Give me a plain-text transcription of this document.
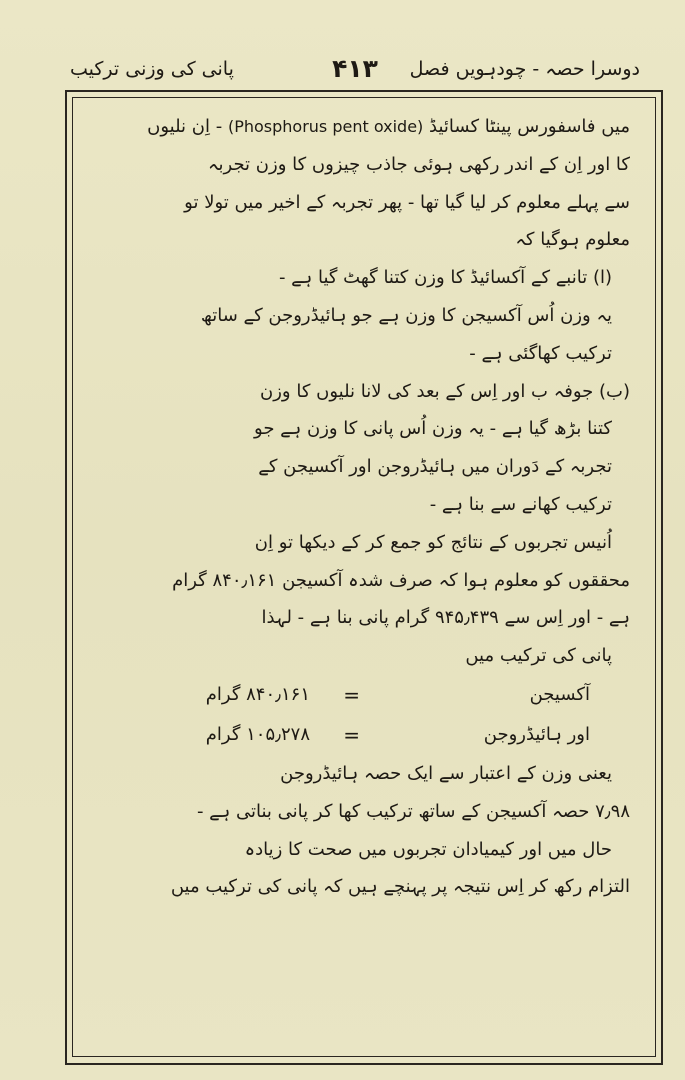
دوسرا حصہ - چودہویں فصل
۴۱۳
پانی کی وزنی ترکیب
میں فاسفورس پینٹا کسائیڈ (Phosphorus pent oxide) - اِن نلیوں
کا اور اِن کے اندر رکھی ہوئی جاذب چیزوں کا وزن تجربہ
سے پہلے معلوم کر لیا گیا تھا - پھر تجربہ کے اخیر میں تولا تو
معلوم ہوگیا کہ
(ا) تانبے کے آکسائیڈ کا وزن کتنا گھٹ گیا ہے -
یہ وزن اُس آکسیجن کا وزن ہے جو ہائیڈروجن کے ساتھ
ترکیب کھاگئی ہے -
(ب) جوفہ ب اور اِس کے بعد کی لانا نلیوں کا وزن
کتنا بڑھ گیا ہے - یہ وزن اُس پانی کا وزن ہے جو
تجربہ کے دَوران میں ہائیڈروجن اور آکسیجن کے
ترکیب کھانے سے بنا ہے -
اُنیس تجربوں کے نتائج کو جمع کر کے دیکھا تو اِن
محققوں کو معلوم ہوا کہ صرف شدہ آکسیجن ۸۴۰٫۱۶۱ گرام
ہے - اور اِس سے ۹۴۵٫۴۳۹ گرام پانی بنا ہے - لہذا
پانی کی ترکیب میں
آکسیجن
=
۸۴۰٫۱۶۱ گرام
اور ہائیڈروجن
=
۱۰۵٫۲۷۸ گرام
یعنی وزن کے اعتبار سے ایک حصہ ہائیڈروجن
۷٫۹۸ حصہ آکسیجن کے ساتھ ترکیب کھا کر پانی بناتی ہے -
حال میں اور کیمیادان تجربوں میں صحت کا زیادہ
التزام رکھ کر اِس نتیجہ پر پہنچے ہیں کہ پانی کی ترکیب میں
